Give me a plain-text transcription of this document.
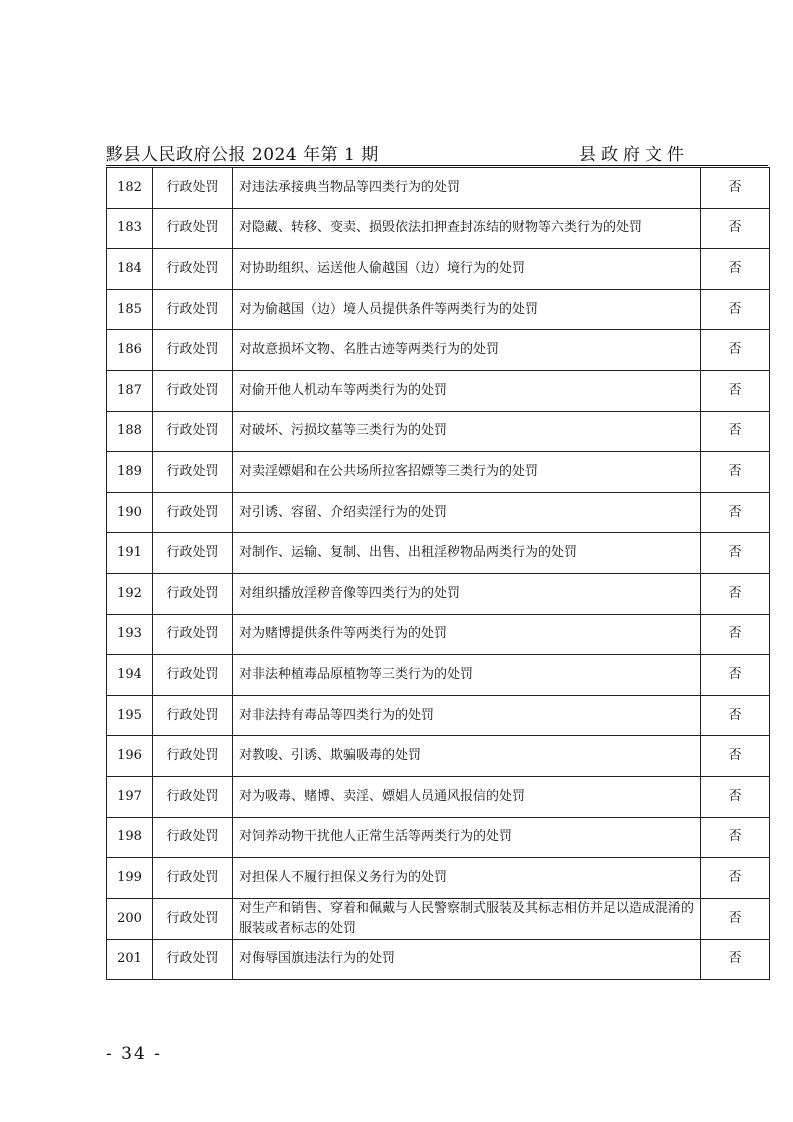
黟县人民政府公报 2024 年第 1 期	县政府文件
182	行政处罚	对违法承接典当物品等四类行为的处罚	否
183	行政处罚	对隐藏、转移、变卖、损毁依法扣押查封冻结的财物等六类行为的处罚	否
184	行政处罚	对协助组织、运送他人偷越国（边）境行为的处罚	否
185	行政处罚	对为偷越国（边）境人员提供条件等两类行为的处罚	否
186	行政处罚	对故意损坏文物、名胜古迹等两类行为的处罚	否
187	行政处罚	对偷开他人机动车等两类行为的处罚	否
188	行政处罚	对破坏、污损坟墓等三类行为的处罚	否
189	行政处罚	对卖淫嫖娼和在公共场所拉客招嫖等三类行为的处罚	否
190	行政处罚	对引诱、容留、介绍卖淫行为的处罚	否
191	行政处罚	对制作、运输、复制、出售、出租淫秽物品两类行为的处罚	否
192	行政处罚	对组织播放淫秽音像等四类行为的处罚	否
193	行政处罚	对为赌博提供条件等两类行为的处罚	否
194	行政处罚	对非法种植毒品原植物等三类行为的处罚	否
195	行政处罚	对非法持有毒品等四类行为的处罚	否
196	行政处罚	对教唆、引诱、欺骗吸毒的处罚	否
197	行政处罚	对为吸毒、赌博、卖淫、嫖娼人员通风报信的处罚	否
198	行政处罚	对饲养动物干扰他人正常生活等两类行为的处罚	否
199	行政处罚	对担保人不履行担保义务行为的处罚	否
200	行政处罚	对生产和销售、穿着和佩戴与人民警察制式服装及其标志相仿并足以造成混淆的服装或者标志的处罚	否
201	行政处罚	对侮辱国旗违法行为的处罚	否
- 34 -
